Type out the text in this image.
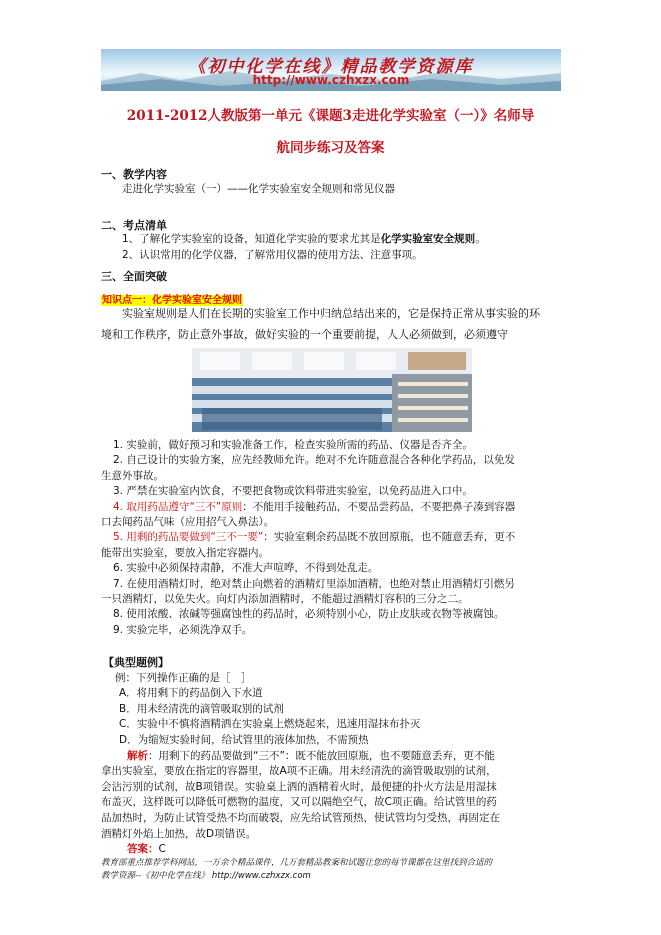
《初中化学在线》精品教学资源库
http://www.czhxzx.com
2011-2012人教版第一单元《课题3走进化学实验室（一）》名师导
航同步练习及答案
一、教学内容
走进化学实验室（一）——化学实验室安全规则和常见仪器
二、考点清单
1、了解化学实验室的设备，知道化学实验的要求尤其是化学实验室安全规则。
2、认识常用的化学仪器，了解常用仪器的使用方法、注意事项。
三、全面突破
知识点一：化学实验室安全规则
实验室规则是人们在长期的实验室工作中归纳总结出来的，它是保持正常从事实验的环
境和工作秩序，防止意外事故，做好实验的一个重要前提，人人必须做到，必须遵守
1. 实验前，做好预习和实验准备工作，检查实验所需的药品、仪器是否齐全。
2. 自己设计的实验方案，应先经教师允许。绝对不允许随意混合各种化学药品，以免发
生意外事故。
3. 严禁在实验室内饮食，不要把食物或饮料带进实验室，以免药品进入口中。
4. 取用药品遵守“三不”原则：不能用手接触药品，不要品尝药品，不要把鼻子凑到容器
口去闻药品气味（应用招气入鼻法）。
5. 用剩的药品要做到“三不一要”：实验室剩余药品既不放回原瓶，也不随意丢弃，更不
能带出实验室，要放入指定容器内。
6. 实验中必须保持肃静，不准大声喧哗，不得到处乱走。
7. 在使用酒精灯时，绝对禁止向燃着的酒精灯里添加酒精，也绝对禁止用酒精灯引燃另
一只酒精灯，以免失火。向灯内添加酒精时，不能超过酒精灯容积的三分之二。
8. 使用浓酸、浓碱等强腐蚀性的药品时，必须特别小心，防止皮肤或衣物等被腐蚀。
9. 实验完毕，必须洗净双手。
【典型题例】
例：下列操作正确的是［　］
A．将用剩下的药品倒入下水道
B．用未经清洗的滴管吸取别的试剂
C．实验中不慎将酒精洒在实验桌上燃烧起来，迅速用湿抹布扑灭
D．为缩短实验时间，给试管里的液体加热，不需预热
解析：用剩下的药品要做到“三不”：既不能放回原瓶，也不要随意丢弃，更不能
拿出实验室，要放在指定的容器里，故A项不正确。用未经清洗的滴管吸取别的试剂，
会沾污别的试剂，故B项错误。实验桌上洒的酒精着火时，最便捷的扑火方法是用湿抹
布盖灭，这样既可以降低可燃物的温度，又可以隔绝空气，故C项正确。给试管里的药
品加热时，为防止试管受热不均而破裂，应先给试管预热，使试管均匀受热，再固定在
酒精灯外焰上加热，故D项错误。
答案：C
教育部重点推荐学科网站，一万余个精品课件，几万套精品教案和试题让您的每节课都在这里找到合适的
教学资源--《初中化学在线》 http://www.czhxzx.com
